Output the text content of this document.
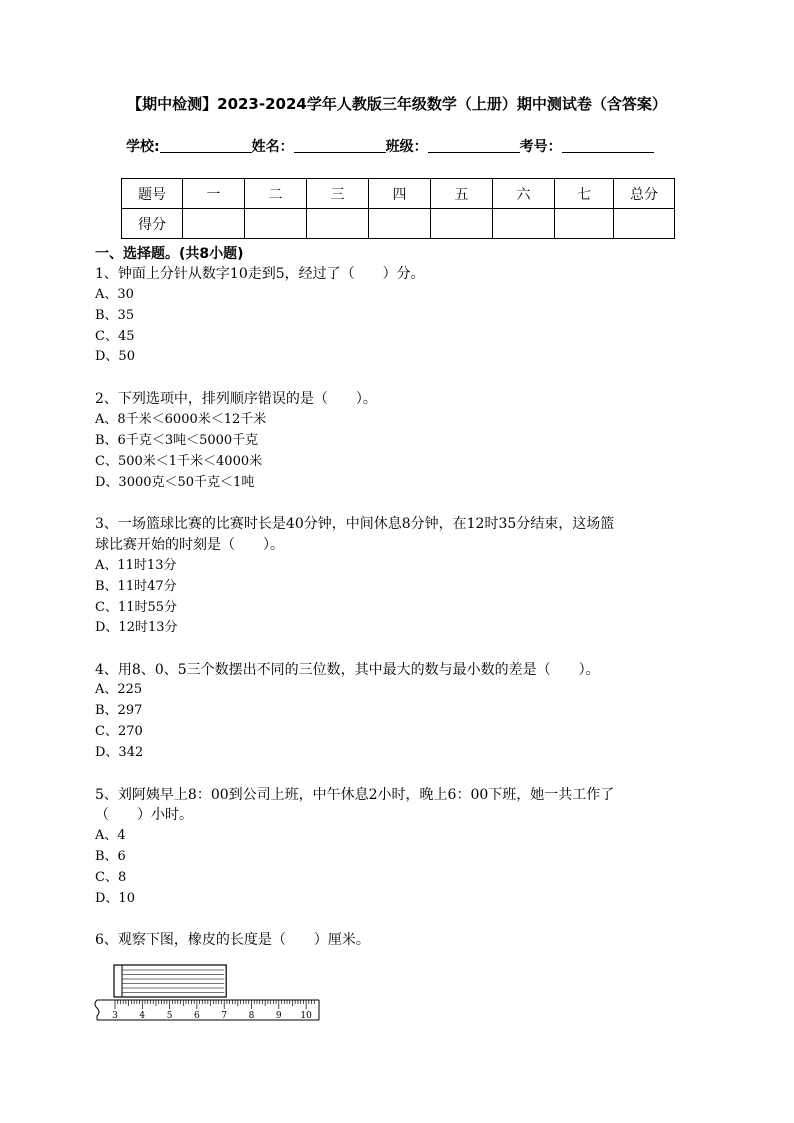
【期中检测】2023-2024学年人教版三年级数学（上册）期中测试卷（含答案）
学校:	姓名：	班级：	考号：
题号	一	二	三	四	五	六	七	总分
得分								
一、选择题。(共8小题)
1、钟面上分针从数字10走到5，经过了（　　）分。
A、30
B、35
C、45
D、50
2、下列选项中，排列顺序错误的是（　　）。
A、8千米＜6000米＜12千米
B、6千克＜3吨＜5000千克
C、500米＜1千米＜4000米
D、3000克＜50千克＜1吨
3、一场篮球比赛的比赛时长是40分钟，中间休息8分钟，在12时35分结束，这场篮
球比赛开始的时刻是（　　）。
A、11时13分
B、11时47分
C、11时55分
D、12时13分
4、用8、0、5三个数摆出不同的三位数，其中最大的数与最小数的差是（　　）。
A、225
B、297
C、270
D、342
5、刘阿姨早上8：00到公司上班，中午休息2小时，晚上6：00下班，她一共工作了
（　　）小时。
A、4
B、6
C、8
D、10
6、观察下图，橡皮的长度是（　　）厘米。
3 4 5 6 7 8 9 10
